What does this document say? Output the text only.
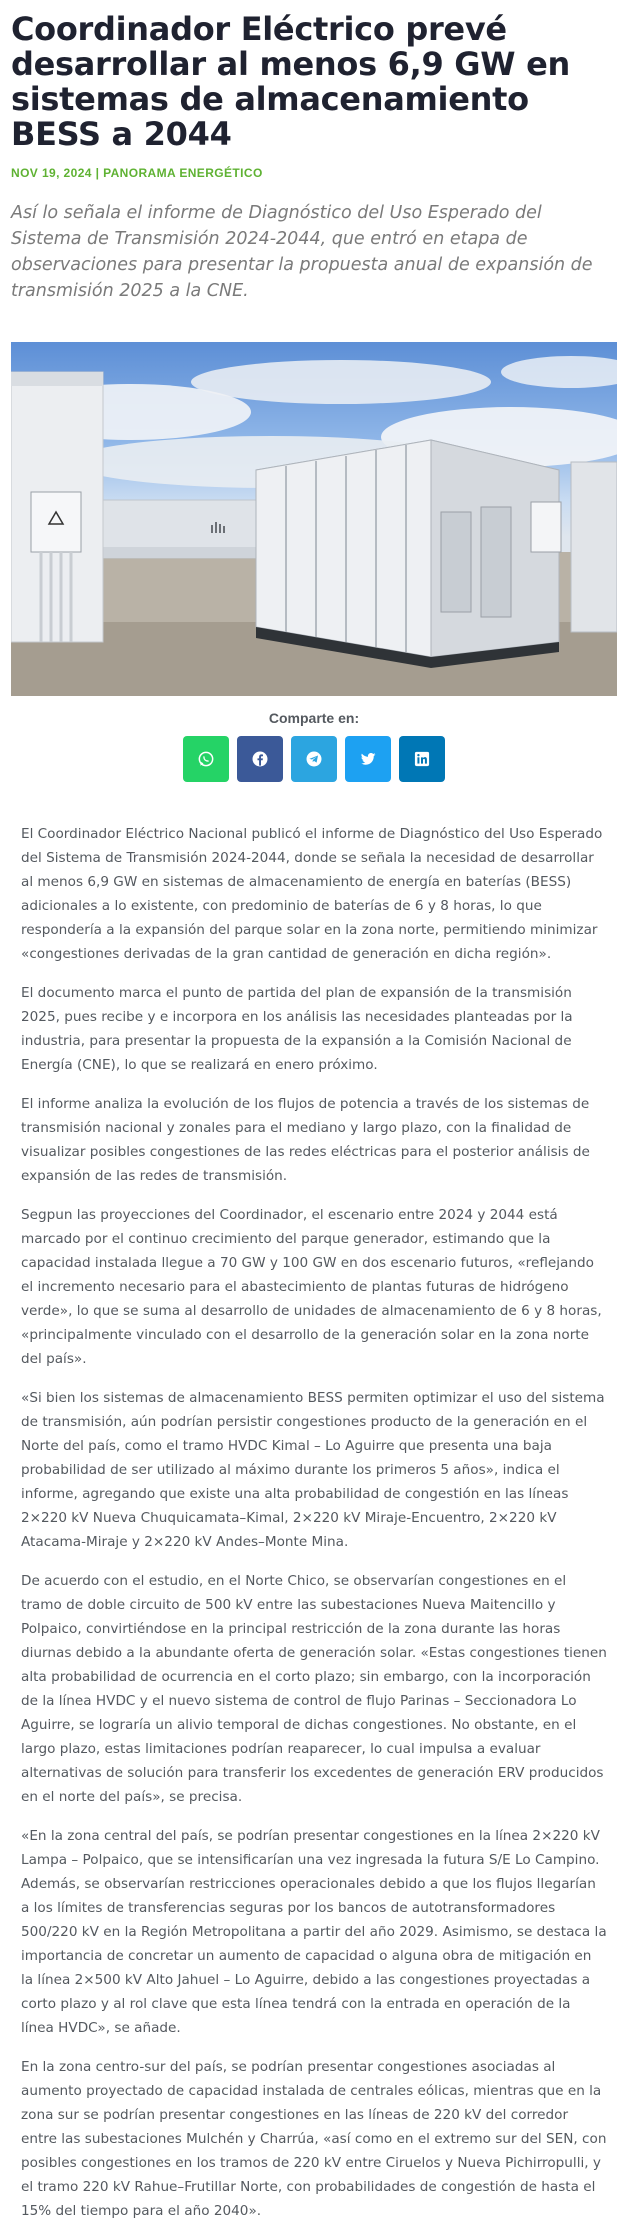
Coordinador Eléctrico prevé desarrollar al menos 6,9 GW en sistemas de almacenamiento BESS a 2044
NOV 19, 2024 | PANORAMA ENERGÉTICO
Así lo señala el informe de Diagnóstico del Uso Esperado del Sistema de Transmisión 2024-2044, que entró en etapa de observaciones para presentar la propuesta anual de expansión de transmisión 2025 a la CNE.
Comparte en:

El Coordinador Eléctrico Nacional publicó el informe de Diagnóstico del Uso Esperado del Sistema de Transmisión 2024-2044, donde se señala la necesidad de desarrollar al menos 6,9 GW en sistemas de almacenamiento de energía en baterías (BESS) adicionales a lo existente, con predominio de baterías de 6 y 8 horas, lo que respondería a la expansión del parque solar en la zona norte, permitiendo minimizar «congestiones derivadas de la gran cantidad de generación en dicha región».

El documento marca el punto de partida del plan de expansión de la transmisión 2025, pues recibe y e incorpora en los análisis las necesidades planteadas por la industria, para presentar la propuesta de la expansión a la Comisión Nacional de Energía (CNE), lo que se realizará en enero próximo.

El informe analiza la evolución de los flujos de potencia a través de los sistemas de transmisión nacional y zonales para el mediano y largo plazo, con la finalidad de visualizar posibles congestiones de las redes eléctricas para el posterior análisis de expansión de las redes de transmisión.

Segpun las proyecciones del Coordinador, el escenario entre 2024 y 2044 está marcado por el continuo crecimiento del parque generador, estimando que la capacidad instalada llegue a 70 GW y 100 GW en dos escenario futuros, «reflejando el incremento necesario para el abastecimiento de plantas futuras de hidrógeno verde», lo que se suma al desarrollo de unidades de almacenamiento de 6 y 8 horas, «principalmente vinculado con el desarrollo de la generación solar en la zona norte del país».

«Si bien los sistemas de almacenamiento BESS permiten optimizar el uso del sistema de transmisión, aún podrían persistir congestiones producto de la generación en el Norte del país, como el tramo HVDC Kimal – Lo Aguirre que presenta una baja probabilidad de ser utilizado al máximo durante los primeros 5 años», indica el informe, agregando que existe una alta probabilidad de congestión en las líneas 2×220 kV Nueva Chuquicamata–Kimal, 2×220 kV Miraje-Encuentro, 2×220 kV Atacama-Miraje y 2×220 kV Andes–Monte Mina.

De acuerdo con el estudio, en el Norte Chico, se observarían congestiones en el tramo de doble circuito de 500 kV entre las subestaciones Nueva Maitencillo y Polpaico, convirtiéndose en la principal restricción de la zona durante las horas diurnas debido a la abundante oferta de generación solar. «Estas congestiones tienen alta probabilidad de ocurrencia en el corto plazo; sin embargo, con la incorporación de la línea HVDC y el nuevo sistema de control de flujo Parinas – Seccionadora Lo Aguirre, se lograría un alivio temporal de dichas congestiones. No obstante, en el largo plazo, estas limitaciones podrían reaparecer, lo cual impulsa a evaluar alternativas de solución para transferir los excedentes de generación ERV producidos en el norte del país», se precisa.

«En la zona central del país, se podrían presentar congestiones en la línea 2×220 kV Lampa – Polpaico, que se intensificarían una vez ingresada la futura S/E Lo Campino. Además, se observarían restricciones operacionales debido a que los flujos llegarían a los límites de transferencias seguras por los bancos de autotransformadores 500/220 kV en la Región Metropolitana a partir del año 2029. Asimismo, se destaca la importancia de concretar un aumento de capacidad o alguna obra de mitigación en la línea 2×500 kV Alto Jahuel – Lo Aguirre, debido a las congestiones proyectadas a corto plazo y al rol clave que esta línea tendrá con la entrada en operación de la línea HVDC», se añade.

En la zona centro-sur del país, se podrían presentar congestiones asociadas al aumento proyectado de capacidad instalada de centrales eólicas, mientras que en la zona sur se podrían presentar congestiones en las líneas de 220 kV del corredor entre las subestaciones Mulchén y Charrúa, «así como en el extremo sur del SEN, con posibles congestiones en los tramos de 220 kV entre Ciruelos y Nueva Pichirropulli, y el tramo 220 kV Rahue–Frutillar Norte, con probabilidades de congestión de hasta el 15% del tiempo para el año 2040».
